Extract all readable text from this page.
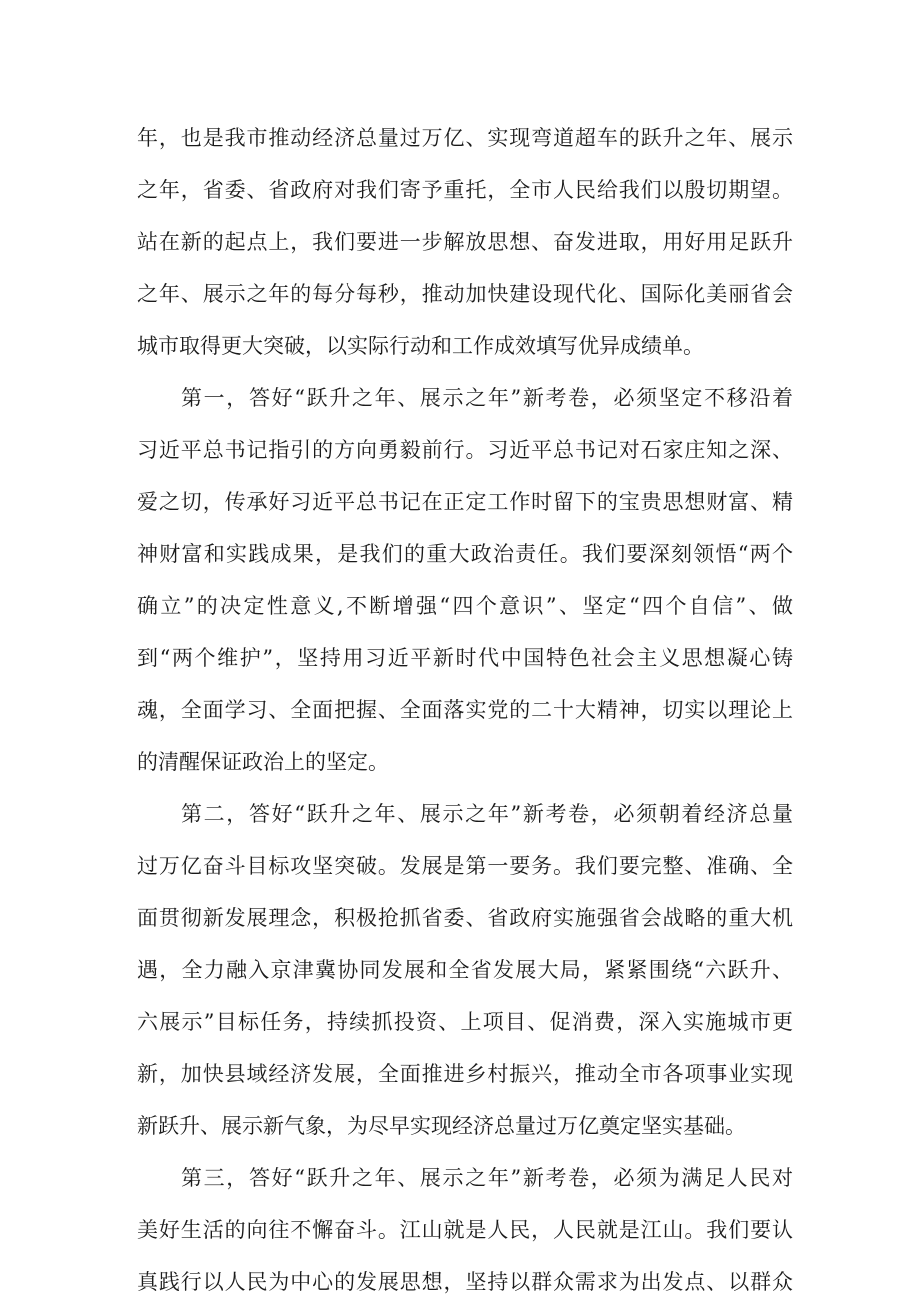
年，也是我市推动经济总量过万亿、实现弯道超车的跃升之年、展示
之年，省委、省政府对我们寄予重托，全市人民给我们以殷切期望。
站在新的起点上，我们要进一步解放思想、奋发进取，用好用足跃升
之年、展示之年的每分每秒，推动加快建设现代化、国际化美丽省会
城市取得更大突破，以实际行动和工作成效填写优异成绩单。
第一，答好“跃升之年、展示之年”新考卷，必须坚定不移沿着
习近平总书记指引的方向勇毅前行。习近平总书记对石家庄知之深、
爱之切，传承好习近平总书记在正定工作时留下的宝贵思想财富、精
神财富和实践成果，是我们的重大政治责任。我们要深刻领悟“两个
确立”的决定性意义,不断增强“四个意识”、坚定“四个自信”、做
到“两个维护”，坚持用习近平新时代中国特色社会主义思想凝心铸
魂，全面学习、全面把握、全面落实党的二十大精神，切实以理论上
的清醒保证政治上的坚定。
第二，答好“跃升之年、展示之年”新考卷，必须朝着经济总量
过万亿奋斗目标攻坚突破。发展是第一要务。我们要完整、准确、全
面贯彻新发展理念，积极抢抓省委、省政府实施强省会战略的重大机
遇，全力融入京津冀协同发展和全省发展大局，紧紧围绕“六跃升、
六展示”目标任务，持续抓投资、上项目、促消费，深入实施城市更
新，加快县域经济发展，全面推进乡村振兴，推动全市各项事业实现
新跃升、展示新气象，为尽早实现经济总量过万亿奠定坚实基础。
第三，答好“跃升之年、展示之年”新考卷，必须为满足人民对
美好生活的向往不懈奋斗。江山就是人民，人民就是江山。我们要认
真践行以人民为中心的发展思想，坚持以群众需求为出发点、以群众
